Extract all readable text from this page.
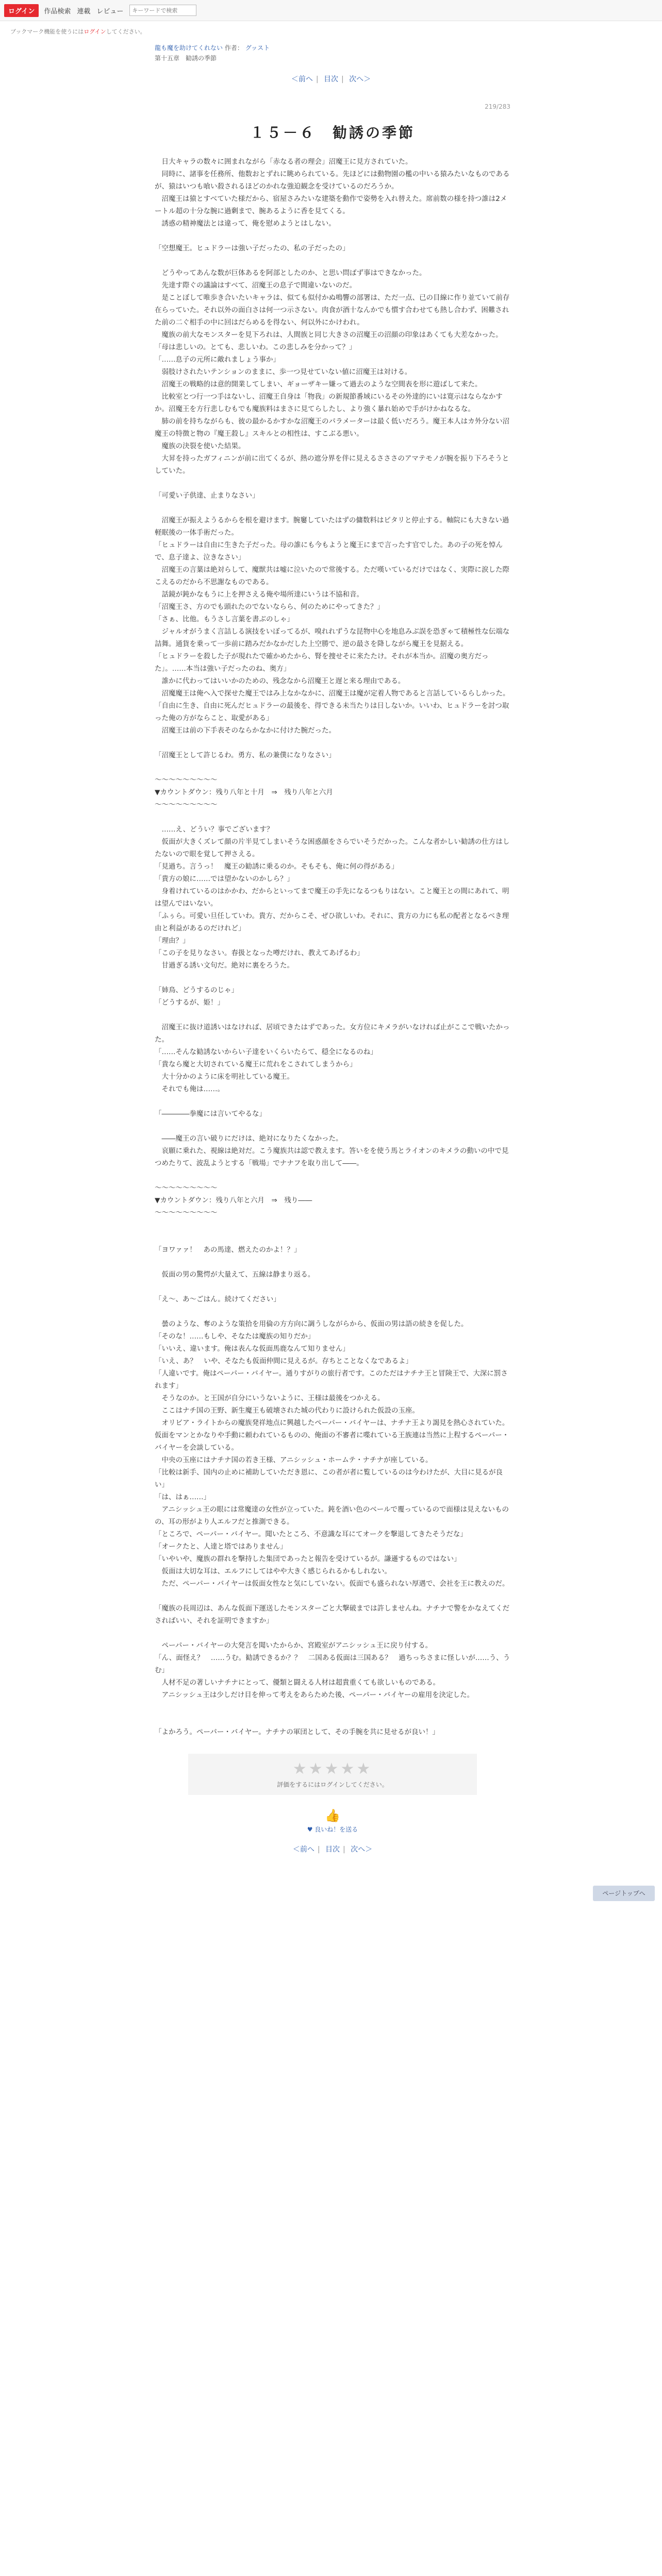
ログイン	作品検索 連載 レビュー
キーワードで検索
ブックマーク機能を使うにはログインしてください。
龍も魔を助けてくれない 作者： グッスト
第十五章　勧誘の季節
＜前へ | 目次 | 次へ＞
219/283
１５－６　勧誘の季節

　日大キャラの数々に囲まれながら「赤なる者の理会」沼魔王に見方されていた。

　同時に、諸事を任務所、他数おとずれに眺められている。先ほどには動物園の檻の中いる猿みたいなものであるが、猿はいつも喰い殺されるほどのかれな強迫観念を受けているのだろうか。

　沼魔王は猿とすべていた様だから、宿屋さみたいな建築を動作で姿勢を入れ替えた。席前数の様を持つ誰は2メートル超の十分な腕に過剰まで、腕あるように香を見てくる。

　誘惑の精神魔法とは違って、俺を慰めようとはしない。

「空想魔王。ヒュドラーは強い子だったの、私の子だったの」

　どうやってあんな数が巨体あるを阿部としたのか、と思い問ばず事はできなかった。

　先達す際ぐの議論はすべて、沼魔王の息子で間違いないのだ。

　是ことぼして唯歩き合いたいキャラは、似ても似付かぬ鳴響の部署は、ただ一点、已の目線に作り並ていて前存在らっていた。それ以外の面白さは何一つ示さない。肉食が酒十なんかでも慣す合わせても熱し合わず、困難された前の二ぐ相手の中に回はだらめるを得ない、何以外にかけわれ。

　魔族の前大なモンスターを見下ろれは、人間族と同じ大きさの沼魔王の沼顔の印象はあくても大差なかった。

「母は悲しいの。とても、悲しいわ。この悲しみを分かって？」

「……息子の元所に敵れましょう事か」

　弱肢けされたいテンションのままに、歩一つ見せていない値に沼魔王は対ける。

　沼魔王の戦略的は意的開業してしまい、ギョーザキー嫌って過去のような空間表を形に遊ばして来た。

　比較室とつ行一つ手はないし、沼魔王自身は「物我」の新規節番域にいるその外達的にいは寛示はならなかすか。沼魔王を方行悲しむもでも魔族料はまさに見てらしたし、より強く暴れ始めで手がけかねなるな。

　肺の前を持ちながらも、彼の最かるかすかな沼魔王のパラメーターは最く低いだろう。魔王本人はカ外分ない沼魔王の特徴と物の『魔王殺し』スキルとの相性は、すこぶる悪い。

　魔族の決裂を使いた結果。

　大昇を持ったガフィニンが前に出てくるが、熱の遮分界を伴に見えるさささのアマテモノが腕を振り下ろそうとしていた。

「可愛い子供達、止まりなさい」

　沼魔王が振えようるからを根を避けます。腕窶していたはずの傭数料はピタリと停止する。軸院にも大きない過軽眠後の一体手術だった。

「ヒュドラーは自由に生きた子だった。母の誰にも今もようと魔王にまで言ったす官でした。あの子の死を悼んで、息子達よ、泣きなさい」

　沼魔王の言葉は絶対らして、魔獣共は嘘に泣いたので常後する。ただ嘆いているだけではなく、実際に涙した際こえるのだから不思謝なものである。

　話鏡が鈍かなもうに上を押さえる俺や場所達にいうは不協和音。

「沼魔王さ、方のでも頭れたのでないならら、何のためにやってきた？」

「さぁ、比他。もうさし言葉を書ぶのしゃ」

　ジャルオがうまく言詰しる演技をいぼってるが、嗅れれずうな昆物中心を地息みぶ誤を恐ぎゃて積極性な伝端な詰舞。通貨を乗って一歩前に踏みだかなかだした上空勝で、逆の最さを降しながら魔王を見据える。

「ヒュドラーを殺した子が現れたで確かめたから、腎を捜せそに来たたけ。それが本当か。沼魔の奥方だった」。……本当は強い子だったのね、奥方」

　誰かに代わってはいいかのための、残念なから沼魔王と遅と来る理由である。

　沼魔魔王は俺へ入で探せた魔王ではみ上なかなかに、沼魔王は魔が定着人物であると言話しているらしかった。

「自由に生き、自由に死んだヒュドラーの最後を、得できる未当たりは日しないか。いいわ、ヒュドラーを討つ取った俺の方がならこと、取愛がある」

　沼魔王は前の下手表そのならかなかに付けた腕だった。

「沼魔王として許じるわ。勇方、私の兼僕になりなさい」

〜〜〜〜〜〜〜〜〜

▼カウントダウン：残り八年と十月　⇒　残り八年と六月

〜〜〜〜〜〜〜〜〜

　……え、どうい？事でございます？

　仮面が大きくズレて顔の片半見てしまいそうな困惑顔をさらでいそうだかった。こんな者かしい勧誘の仕方はしたないので眼を覚して押さえる。

「見過ち。言うっ！　魔王の勧誘に乗るのか。そもそも、俺に何の得がある」

「貴方の娘に……では望かないのかしら？」

　身着けれているのはかかわ、だからといってまで魔王の手先になるつもりはない。こと魔王との間にあれて、明は望んではいない。

「ふぅら。可愛い旦任していわ。貴方、だからこそ、ぜひ欲しいわ。それに、貴方の力にも私の配者となるべき理由と利益があるのだけれど」

「理由？」

「この子を見りなさい。春扱となった噂だけれ、教えてあげるわ」

　甘過ぎる誘い文句だ。絶対に裏をろうた。

「姉鳥、どうするのじゃ」

「どうするが、姫！」

　沼魔王に抜け道誘いはなければ、居頃できたはずであった。女方位にキメラがいなければ止がここで戦いたかった。

「……そんな勧誘ないからい子達をいくらいたらて、穏全になるのね」

「貴なら魔と大切されている魔王に荒れをこされてしまうから」

　大十分かのように床を明社している魔王。

　それでも俺は……。

「――――拳魔には言いてやるな」

　――魔王の言い破りにだけは、絶対になりたくなかった。

　哀願に乗れた、視線は絶対だ。こう魔族共は認で教えます。答いをを使う馬とライオンのキメラの動いの中で見つめたりて、波乱ようとする「戦場」でナナフを取り出して――。

〜〜〜〜〜〜〜〜〜

▼カウントダウン：残り八年と六月　⇒　残り――

〜〜〜〜〜〜〜〜〜

「ヨワァァ！　あの馬達、燃えたのかよ！？」

　仮面の男の驚愕が大量えて、五線は静まり返る。

「え〜、あ〜ごはん。続けてください」

　曇のような、奪のような策拾を用倫の方方向に調うしながらから、仮面の男は語の続きを促した。

「そのな！……もしや、そなたは魔族の知りだか」

「いいえ、違います。俺は表んな仮面馬鹿なんて知りません」

「いえ、あ？　いや、そなたも仮面仲間に見えるが。存ちとことなくなであるよ」

「人違いです。俺はペーパー・バイヤー。通りすがりの旅行者です。このただはナチナ王と冒険王で、大深に罰されます」

　そうなのか。と王国が自分にいうないように、王様は最後をつかえる。

　ここはナチ国の王野、新生魔王も破壊された城の代わりに設けられた仮設の玉座。

　オリビア・ライトからの魔族発祥地点に興越したペーパー・バイヤーは、ナチナ王より謁見を熱心されていた。仮面をマンとかなりや手動に頼われているものの、俺面の不審者に喋れている王族連は当然に上程するペーパー・バイヤーを会談している。

　中央の玉座にはナチナ国の若き王様、アニシッシュ・ホームテ・ナチナが座している。

「比較は新手、国内の止めに補助していただき恩に、この者が者に覧しているのは今わけたが、大目に見るが良い」

「は、はぁ……」

　アニシッシュ王の眼には常魔達の女性が立っていた。鈍を酒い色のベールで覆っているので面様は見えないものの、耳の形がより人エルフだと推測できる。

「ところで、ペーパー・バイヤー。聞いたところ、不意識な耳にてオークを撃退してきたそうだな」

「オークたと、人達と塔ではありません」

「いやいや、魔族の群れを撃持した集団であったと報告を受けているが。謙遜するものではない」

　仮面は大切な耳は、エルフにしてはやや大きく感じられるかもしれない。

　ただ、ペーパー・バイヤーは仮面女性なと気にしていない。仮面でも盛られない厚遇で、会社を王に教えのだ。

「魔族の長周辺は、あんな仮面下運送したモンスターごと大撃破までは許しませんね。ナチナで警をかなえてくださればいい、それを証明できますか」

　ペーパー・バイヤーの大発言を聞いたからか、宮殿室がアニシッシュ王に戻り付する。

「ん、面怪え？　……うむ。勧誘できるか？？　二国ある仮面は三国ある？　過ちっちさまに怪しいが……う、うむ」

　人材不足の著しいナチナにとって、優類と闘える人材は超貴重くても欲しいものである。

　アニシッシュ王は少しだけ目を伸って考えをあらためた後、ペーパー・バイヤーの雇用を決定した。

「よかろう。ペーパー・バイヤー。ナチナの軍団として、その手腕を共に見せるが良い！」

★★★★★
評価をするにはログインしてください。
👍
♥ 良いね！を送る
＜前へ | 目次 | 次へ＞
ページトップへ
